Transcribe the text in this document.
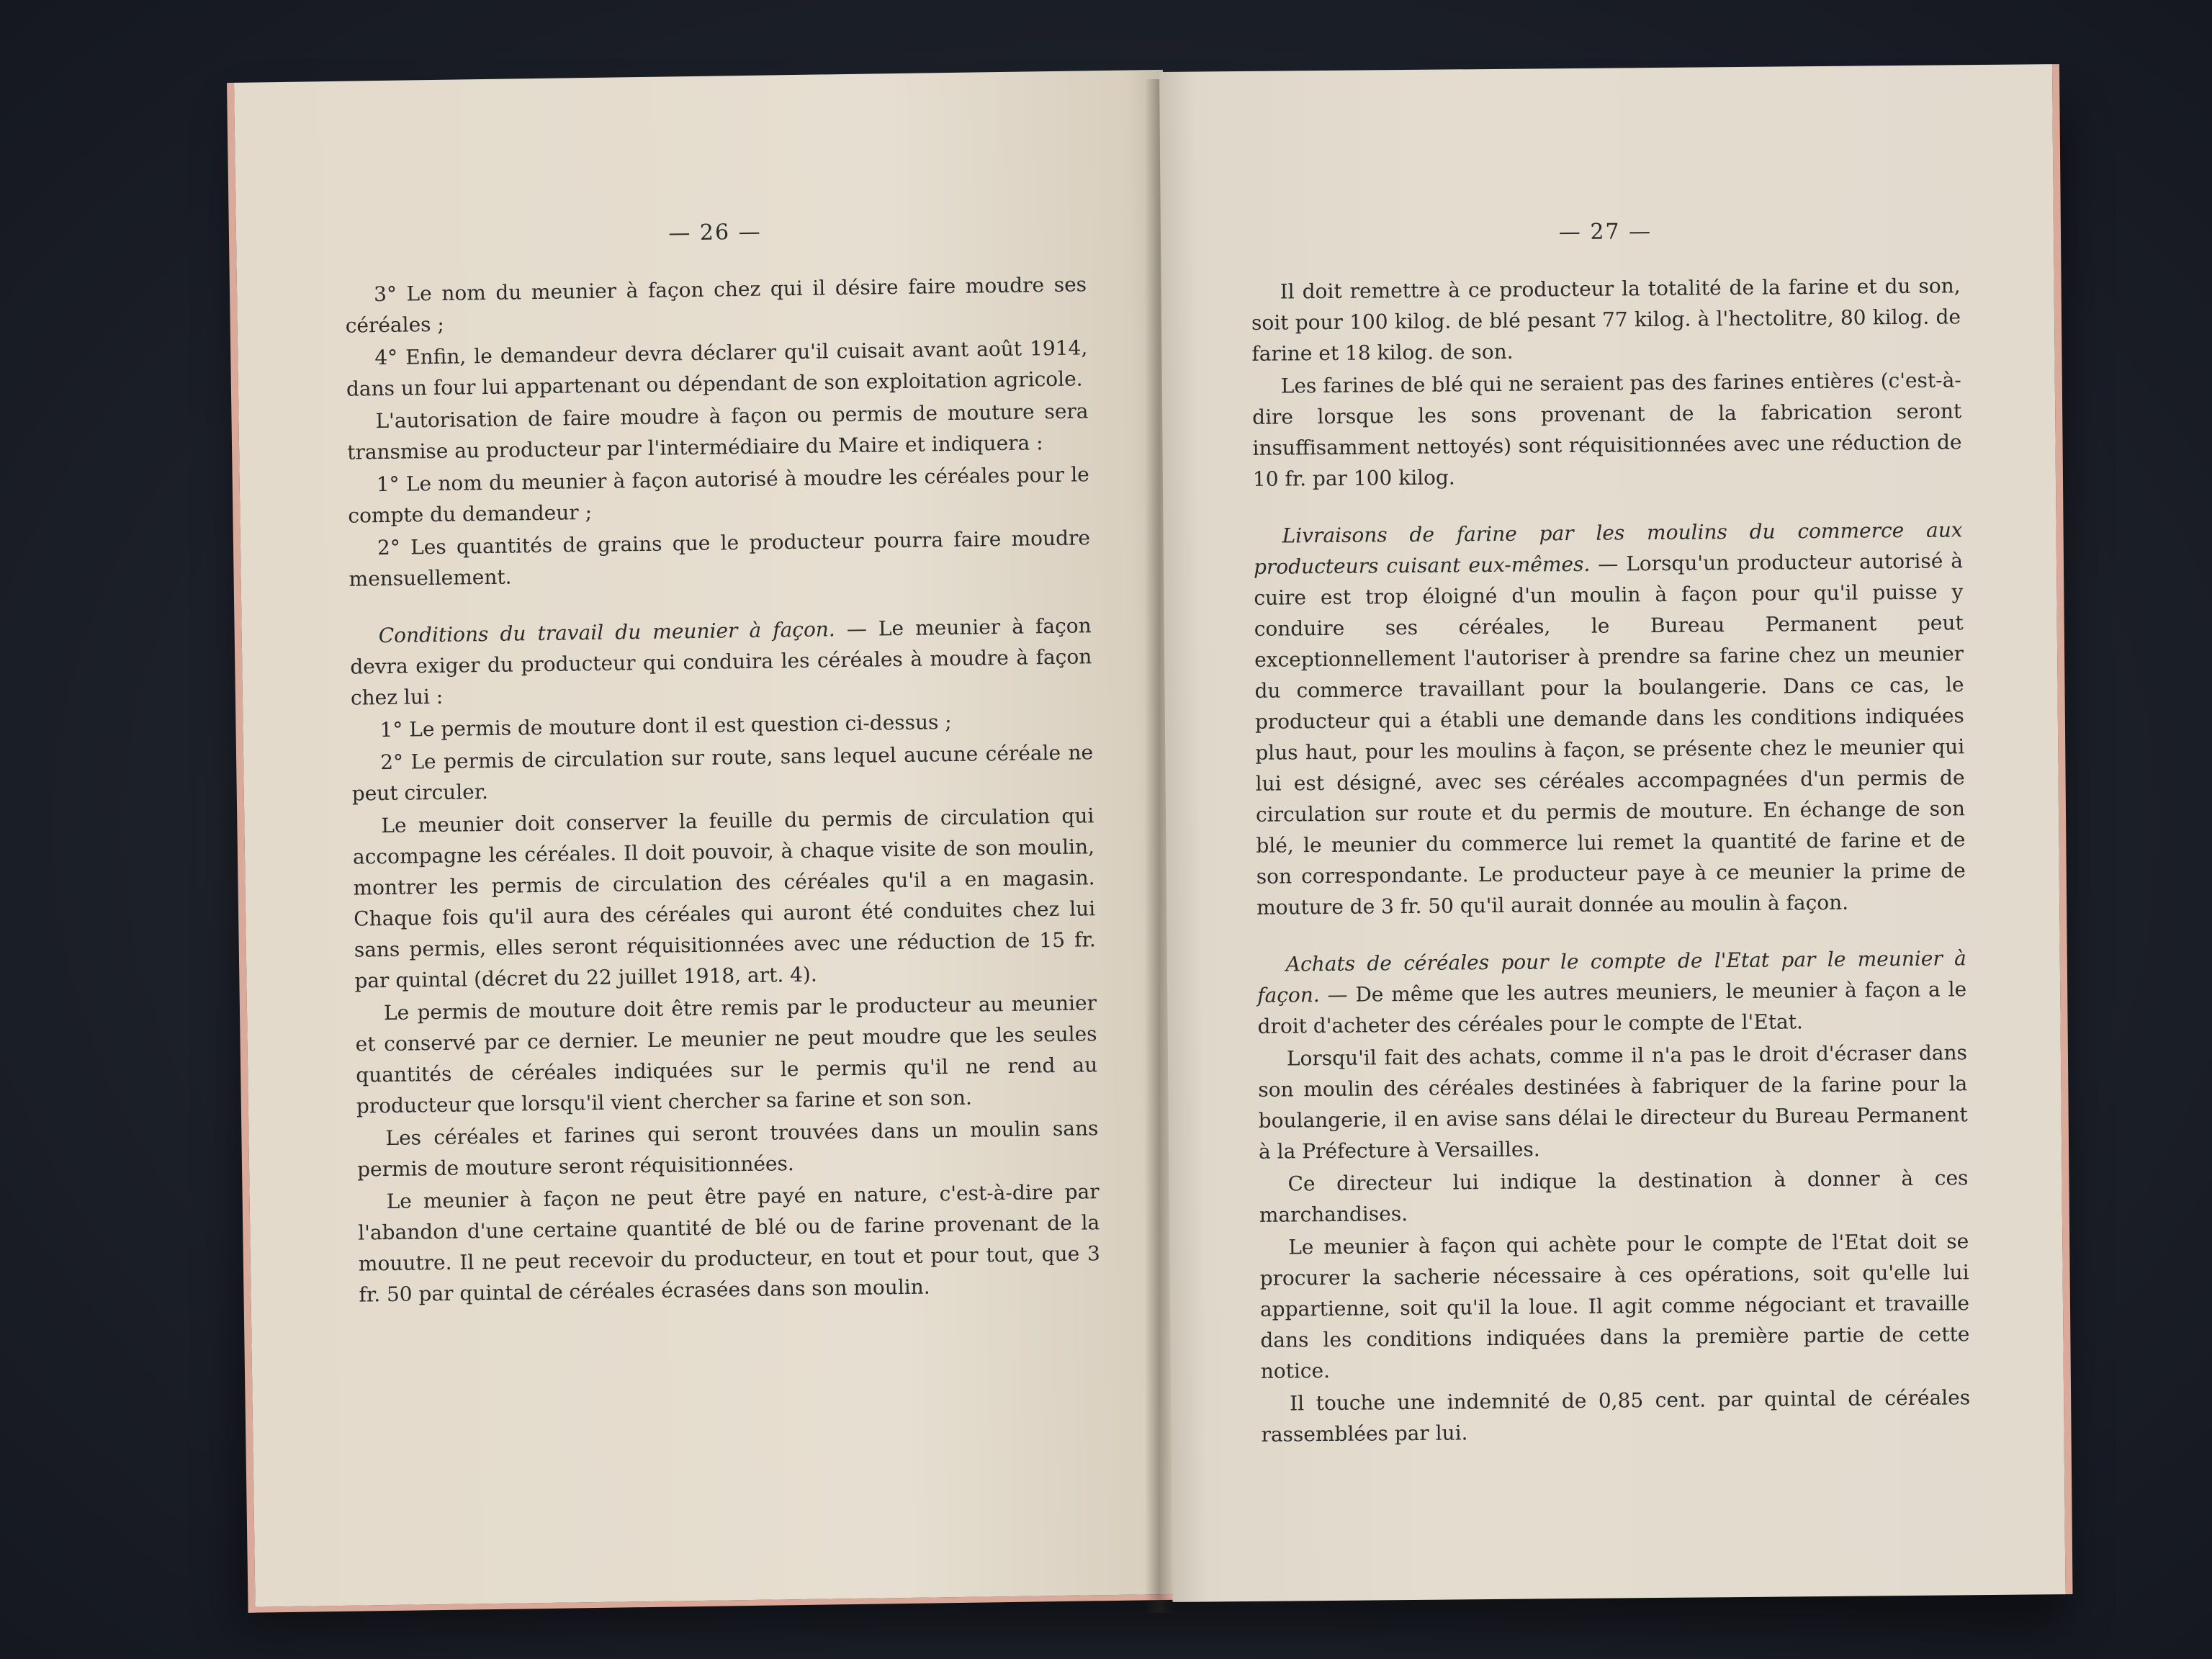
— 26 —

3° Le nom du meunier à façon chez qui il désire faire moudre ses céréales ;

4° Enfin, le demandeur devra déclarer qu'il cuisait avant août 1914, dans un four lui appartenant ou dépendant de son exploitation agricole.

L'autorisation de faire moudre à façon ou permis de mouture sera transmise au producteur par l'intermédiaire du Maire et indiquera :

1° Le nom du meunier à façon autorisé à moudre les céréales pour le compte du demandeur ;

2° Les quantités de grains que le producteur pourra faire moudre mensuellement.

Conditions du travail du meunier à façon. — Le meunier à façon devra exiger du producteur qui conduira les céréales à moudre à façon chez lui :

1° Le permis de mouture dont il est question ci-dessus ;

2° Le permis de circulation sur route, sans lequel aucune céréale ne peut circuler.

Le meunier doit conserver la feuille du permis de circulation qui accompagne les céréales. Il doit pouvoir, à chaque visite de son moulin, montrer les permis de circulation des céréales qu'il a en magasin. Chaque fois qu'il aura des céréales qui auront été conduites chez lui sans permis, elles seront réquisitionnées avec une réduction de 15 fr. par quintal (décret du 22 juillet 1918, art. 4).

Le permis de mouture doit être remis par le producteur au meunier et conservé par ce dernier. Le meunier ne peut moudre que les seules quantités de céréales indiquées sur le permis qu'il ne rend au producteur que lorsqu'il vient chercher sa farine et son son.

Les céréales et farines qui seront trouvées dans un moulin sans permis de mouture seront réquisitionnées.

Le meunier à façon ne peut être payé en nature, c'est-à-dire par l'abandon d'une certaine quantité de blé ou de farine provenant de la mouutre. Il ne peut recevoir du producteur, en tout et pour tout, que 3 fr. 50 par quintal de céréales écrasées dans son moulin.

— 27 —

Il doit remettre à ce producteur la totalité de la farine et du son, soit pour 100 kilog. de blé pesant 77 kilog. à l'hectolitre, 80 kilog. de farine et 18 kilog. de son.

Les farines de blé qui ne seraient pas des farines entières (c'est-à-dire lorsque les sons provenant de la fabrication seront insuffisamment nettoyés) sont réquisitionnées avec une réduction de 10 fr. par 100 kilog.

Livraisons de farine par les moulins du commerce aux producteurs cuisant eux-mêmes. — Lorsqu'un producteur autorisé à cuire est trop éloigné d'un moulin à façon pour qu'il puisse y conduire ses céréales, le Bureau Permanent peut exceptionnellement l'autoriser à prendre sa farine chez un meunier du commerce travaillant pour la boulangerie. Dans ce cas, le producteur qui a établi une demande dans les conditions indiquées plus haut, pour les moulins à façon, se présente chez le meunier qui lui est désigné, avec ses céréales accompagnées d'un permis de circulation sur route et du permis de mouture. En échange de son blé, le meunier du commerce lui remet la quantité de farine et de son correspondante. Le producteur paye à ce meunier la prime de mouture de 3 fr. 50 qu'il aurait donnée au moulin à façon.

Achats de céréales pour le compte de l'Etat par le meunier à façon. — De même que les autres meuniers, le meunier à façon a le droit d'acheter des céréales pour le compte de l'Etat.

Lorsqu'il fait des achats, comme il n'a pas le droit d'écraser dans son moulin des céréales destinées à fabriquer de la farine pour la boulangerie, il en avise sans délai le directeur du Bureau Permanent à la Préfecture à Versailles.

Ce directeur lui indique la destination à donner à ces marchandises.

Le meunier à façon qui achète pour le compte de l'Etat doit se procurer la sacherie nécessaire à ces opérations, soit qu'elle lui appartienne, soit qu'il la loue. Il agit comme négociant et travaille dans les conditions indiquées dans la première partie de cette notice.

Il touche une indemnité de 0,85 cent. par quintal de céréales rassemblées par lui.
